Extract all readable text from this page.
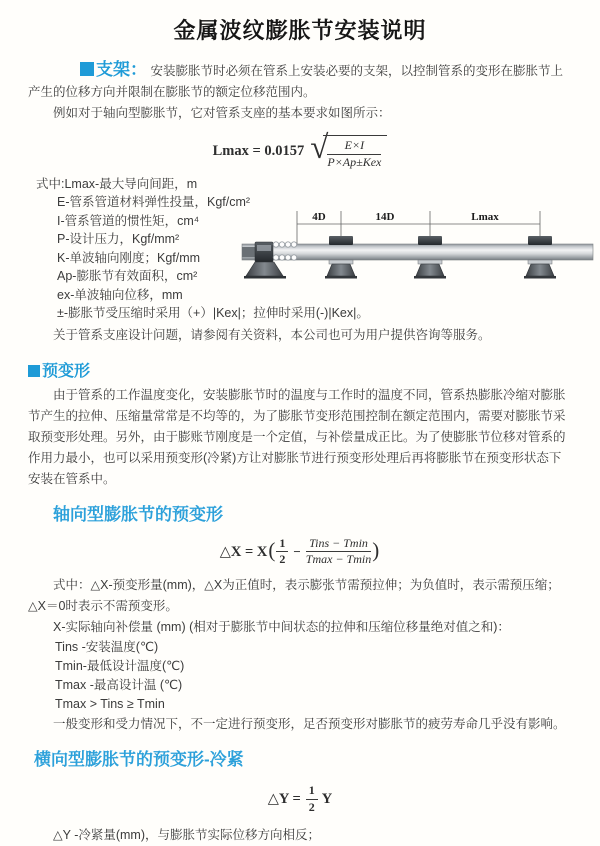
金属波纹膨胀节安装说明

支架： 安装膨胀节时必须在管系上安装必要的支架，以控制管系的变形在膨胀节上产生的位移方向并限制在膨胀节的额定位移范围内。

例如对于轴向型膨胀节，它对管系支座的基本要求如图所示：

Lmax = 0.0157 √ $\frac{E\times I}{\text{P×Ap±Kex}}$
式中:Lmax-最大导向间距，m
E-管系管道材料弹性投量，Kgf/cm²
I-管系管道的惯性矩，cm⁴
P-设计压力，Kgf/mm²
K-单波轴向刚度；Kgf/mm
Ap-膨胀节有效面积，cm²
ex-单波轴向位移，mm
±-膨胀节受压缩时采用（+）|Kex|；拉伸时采用(-)|Kex|。

关于管系支座设计问题，请参阅有关资料，本公司也可为用户提供咨询等服务。

预变形

由于管系的工作温度变化，安装膨胀节时的温度与工作时的温度不同，管系热膨胀冷缩对膨胀节产生的拉伸、压缩量常常是不均等的，为了膨胀节变形范围控制在额定范围内，需要对膨胀节采取预变形处理。另外，由于膨账节刚度是一个定值，与补偿量成正比。为了使膨胀节位移对管系的作用力最小，也可以采用预变形(冷紧)方让对膨胀节进行预变形处理后再将膨胀节在预变形状态下安装在管系中。

轴向型膨胀节的预变形
△X = X ( $\frac{1}{2} - \frac{\text{Tins − Tmin}}{Tmax - Tmin}$ )

式中：△X-预变形量(mm)，△X为正值时，表示膨张节需预拉伸；为负值时，表示需预压缩；△X＝0时表示不需预变形。

X-实际轴向补偿量 (mm) (相对于膨胀节中间状态的拉伸和压缩位移量绝对值之和)：

Tins -安装温度(℃)
Tmin-最低设计温度(℃)
Tmax -最高设计温 (℃)
Tmax > Tins ≥ Tmin

一般变形和受力情况下，不一定进行预变形，足否预变形对膨胀节的疲劳寿命几乎没有影响。

横向型膨胀节的预变形-冷紧
△Y = $\frac{1}{2}$ Y

△Y -冷紧量(mm)，与膨胀节实际位移方向相反；

4D	14D	Lmax
